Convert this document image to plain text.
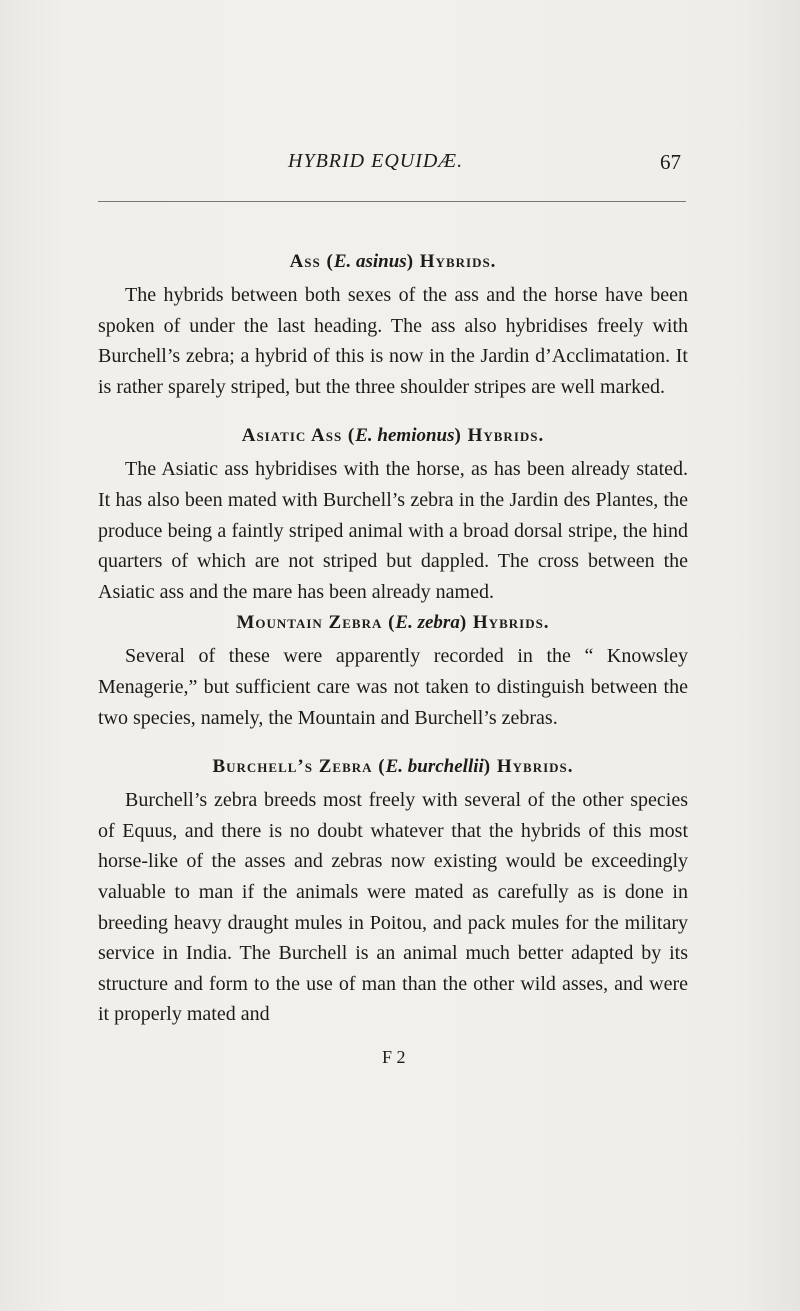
HYBRID EQUIDÆ.	67
Ass (E. asinus) Hybrids.

The hybrids between both sexes of the ass and the horse have been spoken of under the last heading. The ass also hybridises freely with Burchell’s zebra; a hybrid of this is now in the Jardin d’Acclimatation. It is rather sparely striped, but the three shoulder stripes are well marked.

Asiatic Ass (E. hemionus) Hybrids.

The Asiatic ass hybridises with the horse, as has been already stated. It has also been mated with Burchell’s zebra in the Jardin des Plantes, the produce being a faintly striped animal with a broad dorsal stripe, the hind quarters of which are not striped but dappled. The cross between the Asiatic ass and the mare has been already named.

Mountain Zebra (E. zebra) Hybrids.

Several of these were apparently recorded in the “ Knowsley Menagerie,” but sufficient care was not taken to distinguish between the two species, namely, the Mountain and Burchell’s zebras.

Burchell’s Zebra (E. burchellii) Hybrids.

Burchell’s zebra breeds most freely with several of the other species of Equus, and there is no doubt whatever that the hybrids of this most horse-like of the asses and zebras now existing would be exceedingly valuable to man if the animals were mated as carefully as is done in breeding heavy draught mules in Poitou, and pack mules for the military service in India. The Burchell is an animal much better adapted by its structure and form to the use of man than the other wild asses, and were it properly mated and

F 2
